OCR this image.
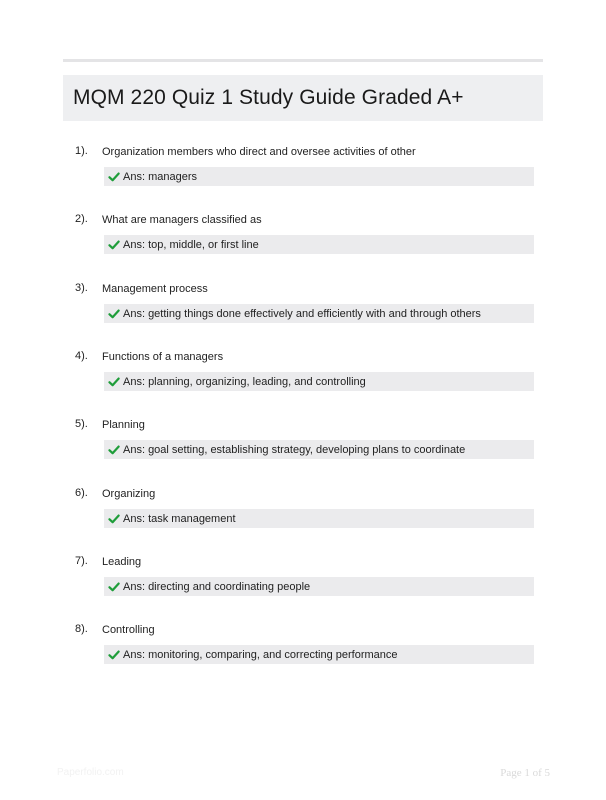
MQM 220 Quiz 1 Study Guide Graded A+
1). Organization members who direct and oversee activities of other
Ans: managers
2). What are managers classified as
Ans: top, middle, or first line
3). Management process
Ans: getting things done effectively and efficiently with and through others
4). Functions of a managers
Ans: planning, organizing, leading, and controlling
5). Planning
Ans: goal setting, establishing strategy, developing plans to coordinate
6). Organizing
Ans: task management
7). Leading
Ans: directing and coordinating people
8). Controlling
Ans: monitoring, comparing, and correcting performance
Paperfolio.com	Page 1 of 5
